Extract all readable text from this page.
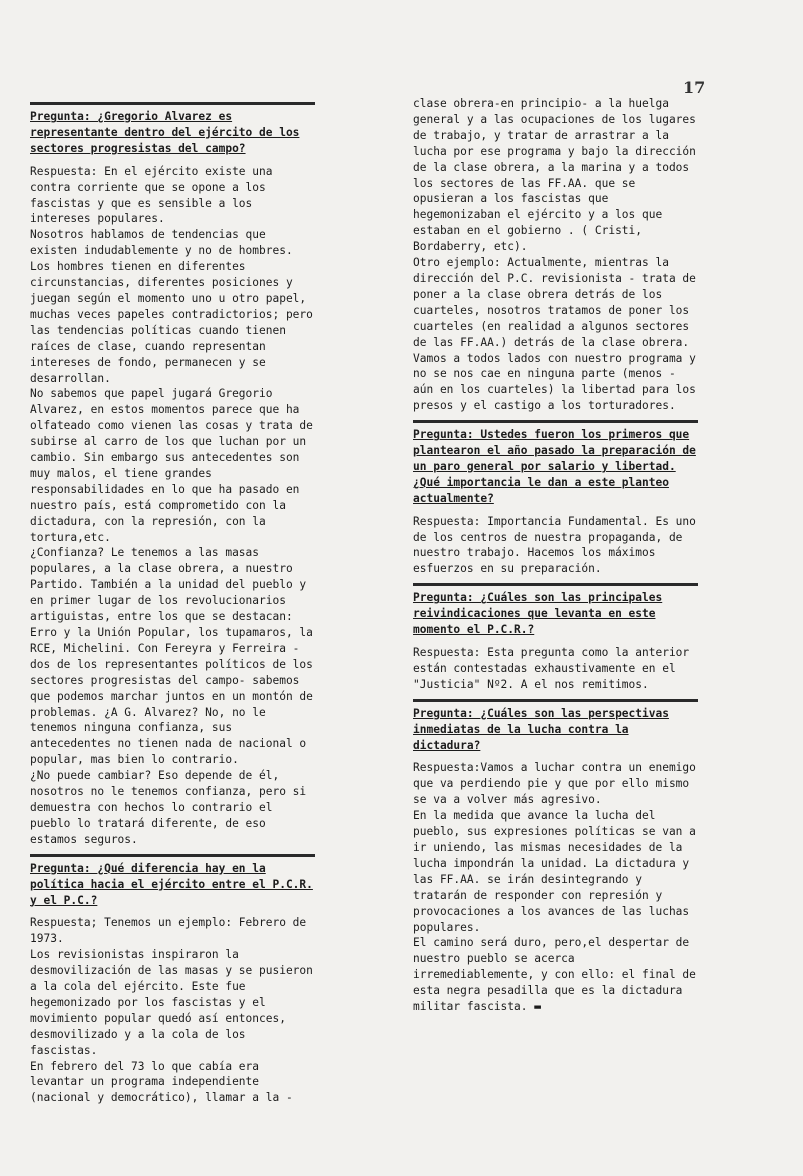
17
Pregunta: ¿Gregorio Alvarez es representante dentro del ejército de los sectores progresistas del campo?

Respuesta: En el ejército existe una contra corriente que se opone a los fascistas y que es sensible a los intereses populares.

Nosotros hablamos de tendencias que existen indudablemente y no de hombres. Los hombres tienen en diferentes circunstancias, diferentes posiciones y juegan según el momento uno u otro papel, muchas veces papeles contradictorios; pero las tendencias políticas cuando tienen raíces de clase, cuando representan intereses de fondo, permanecen y se desarrollan.

No sabemos que papel jugará Gregorio Alvarez, en estos momentos parece que ha olfateado como vienen las cosas y trata de subirse al carro de los que luchan por un cambio. Sin embargo sus antecedentes son muy malos, el tiene grandes responsabilidades en lo que ha pasado en nuestro país, está comprometido con la dictadura, con la represión, con la tortura,etc.

¿Confianza? Le tenemos a las masas populares, a la clase obrera, a nuestro Partido. También a la unidad del pueblo y en primer lugar de los revolucionarios artiguistas, entre los que se destacan: Erro y la Unión Popular, los tupamaros, la RCE, Michelini. Con Fereyra y Ferreira -dos de los representantes políticos de los sectores progresistas del campo- sabemos que podemos marchar juntos en un montón de problemas. ¿A G. Alvarez? No, no le tenemos ninguna confianza, sus antecedentes no tienen nada de nacional o popular, mas bien lo contrario.

¿No puede cambiar? Eso depende de él, nosotros no le tenemos confianza, pero si demuestra con hechos lo contrario el pueblo lo tratará diferente, de eso estamos seguros.

Pregunta: ¿Qué diferencia hay en la política hacia el ejército entre el P.C.R. y el P.C.?

Respuesta; Tenemos un ejemplo: Febrero de 1973.

Los revisionistas inspiraron la desmovilización de las masas y se pusieron a la cola del ejército. Este fue hegemonizado por los fascistas y el movimiento popular quedó así entonces, desmovilizado y a la cola de los fascistas.

En febrero del 73 lo que cabía era levantar un programa independiente (nacional y democrático), llamar a la -

clase obrera-en principio- a la huelga general y a las ocupaciones de los lugares de trabajo, y tratar de arrastrar a la lucha por ese programa y bajo la dirección de la clase obrera, a la marina y a todos los sectores de las FF.AA. que se opusieran a los fascistas que hegemonizaban el ejército y a los que estaban en el gobierno . ( Cristi, Bordaberry, etc).

Otro ejemplo: Actualmente, mientras la dirección del P.C. revisionista - trata de poner a la clase obrera detrás de los cuarteles, nosotros tratamos de poner los cuarteles (en realidad a algunos sectores de las FF.AA.) detrás de la clase obrera. Vamos a todos lados con nuestro programa y no se nos cae en ninguna parte (menos - aún en los cuarteles) la libertad para los presos y el castigo a los torturadores.

Pregunta: Ustedes fueron los primeros que plantearon el año pasado la preparación de un paro general por salario y libertad. ¿Qué importancia le dan a este planteo actualmente?
Respuesta: Importancia Fundamental. Es uno de los centros de nuestra propaganda, de nuestro trabajo. Hacemos los máximos esfuerzos en su preparación.
Pregunta: ¿Cuáles son las principales reivindicaciones que levanta en este momento el P.C.R.?
Respuesta: Esta pregunta como la anterior están contestadas exhaustivamente en el "Justicia" Nº2. A el nos remitimos.
Pregunta: ¿Cuáles son las perspectivas inmediatas de la lucha contra la dictadura?

Respuesta:Vamos a luchar contra un enemigo que va perdiendo pie y que por ello mismo se va a volver más agresivo.

En la medida que avance la lucha del pueblo, sus expresiones políticas se van a ir uniendo, las mismas necesidades de la lucha impondrán la unidad. La dictadura y las FF.AA. se irán desintegrando y tratarán de responder con represión y provocaciones a los avances de las luchas populares.

El camino será duro, pero,el despertar de nuestro pueblo se acerca irremediablemente, y con ello: el final de esta negra pesadilla que es la dictadura militar fascista. ▬
